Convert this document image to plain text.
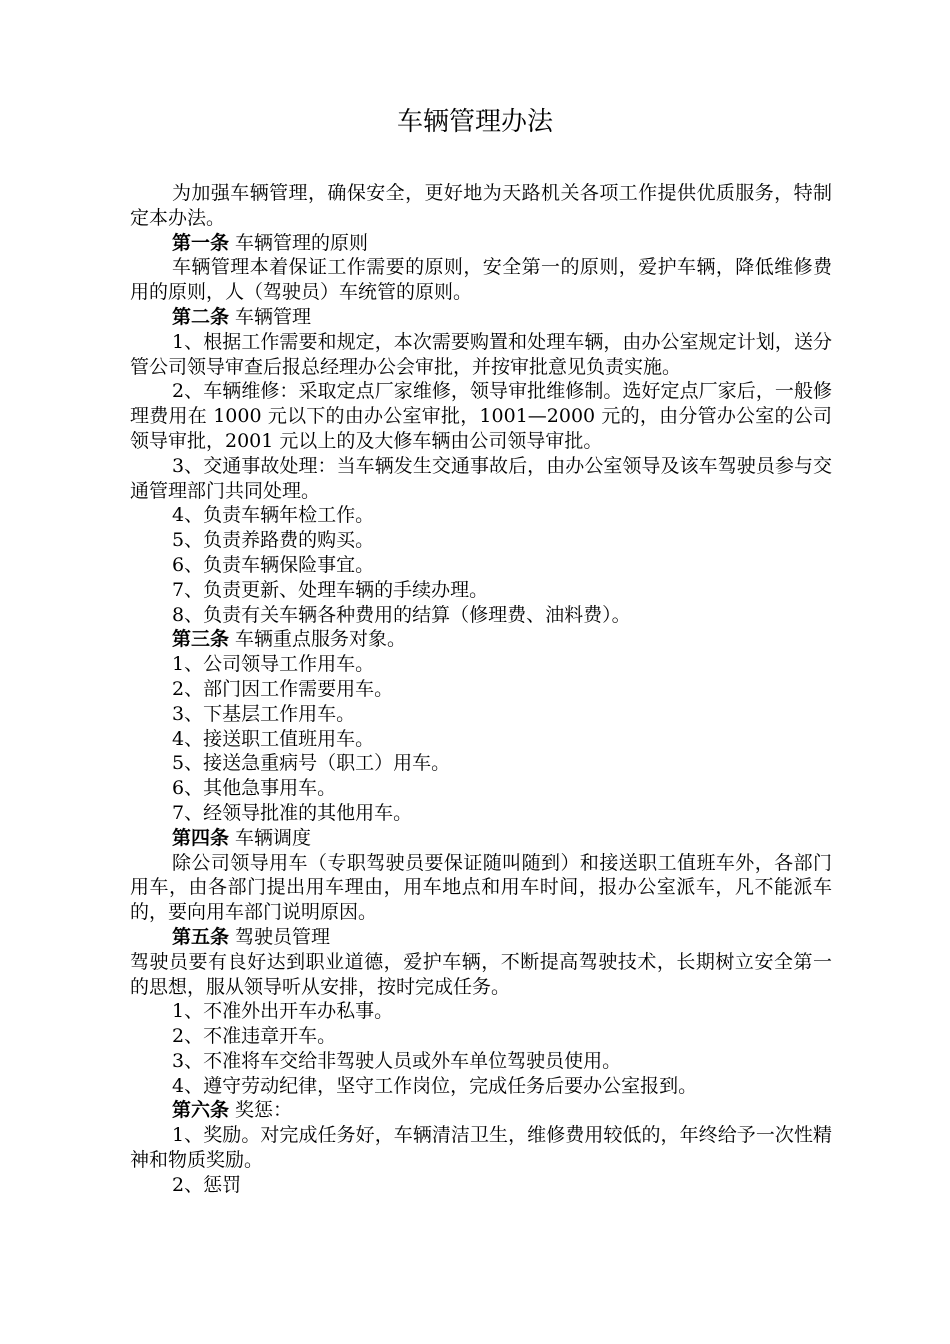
车辆管理办法

为加强车辆管理，确保安全，更好地为天路机关各项工作提供优质服务，特制定本办法。

第一条 车辆管理的原则

车辆管理本着保证工作需要的原则，安全第一的原则，爱护车辆，降低维修费用的原则，人（驾驶员）车统管的原则。

第二条 车辆管理

1、根据工作需要和规定，本次需要购置和处理车辆，由办公室规定计划，送分管公司领导审查后报总经理办公会审批，并按审批意见负责实施。

2、车辆维修：采取定点厂家维修，领导审批维修制。选好定点厂家后，一般修理费用在 1000 元以下的由办公室审批，1001—2000 元的，由分管办公室的公司领导审批，2001 元以上的及大修车辆由公司领导审批。

3、交通事故处理：当车辆发生交通事故后，由办公室领导及该车驾驶员参与交通管理部门共同处理。

4、负责车辆年检工作。

5、负责养路费的购买。

6、负责车辆保险事宜。

7、负责更新、处理车辆的手续办理。

8、负责有关车辆各种费用的结算（修理费、油料费）。

第三条 车辆重点服务对象。

1、公司领导工作用车。

2、部门因工作需要用车。

3、下基层工作用车。

4、接送职工值班用车。

5、接送急重病号（职工）用车。

6、其他急事用车。

7、经领导批准的其他用车。

第四条 车辆调度

除公司领导用车（专职驾驶员要保证随叫随到）和接送职工值班车外，各部门用车，由各部门提出用车理由，用车地点和用车时间，报办公室派车，凡不能派车的，要向用车部门说明原因。

第五条 驾驶员管理

驾驶员要有良好达到职业道德，爱护车辆，不断提高驾驶技术，长期树立安全第一的思想，服从领导听从安排，按时完成任务。

1、不准外出开车办私事。

2、不准违章开车。

3、不准将车交给非驾驶人员或外车单位驾驶员使用。

4、遵守劳动纪律，坚守工作岗位，完成任务后要办公室报到。

第六条 奖惩：

1、奖励。对完成任务好，车辆清洁卫生，维修费用较低的，年终给予一次性精神和物质奖励。

2、惩罚
